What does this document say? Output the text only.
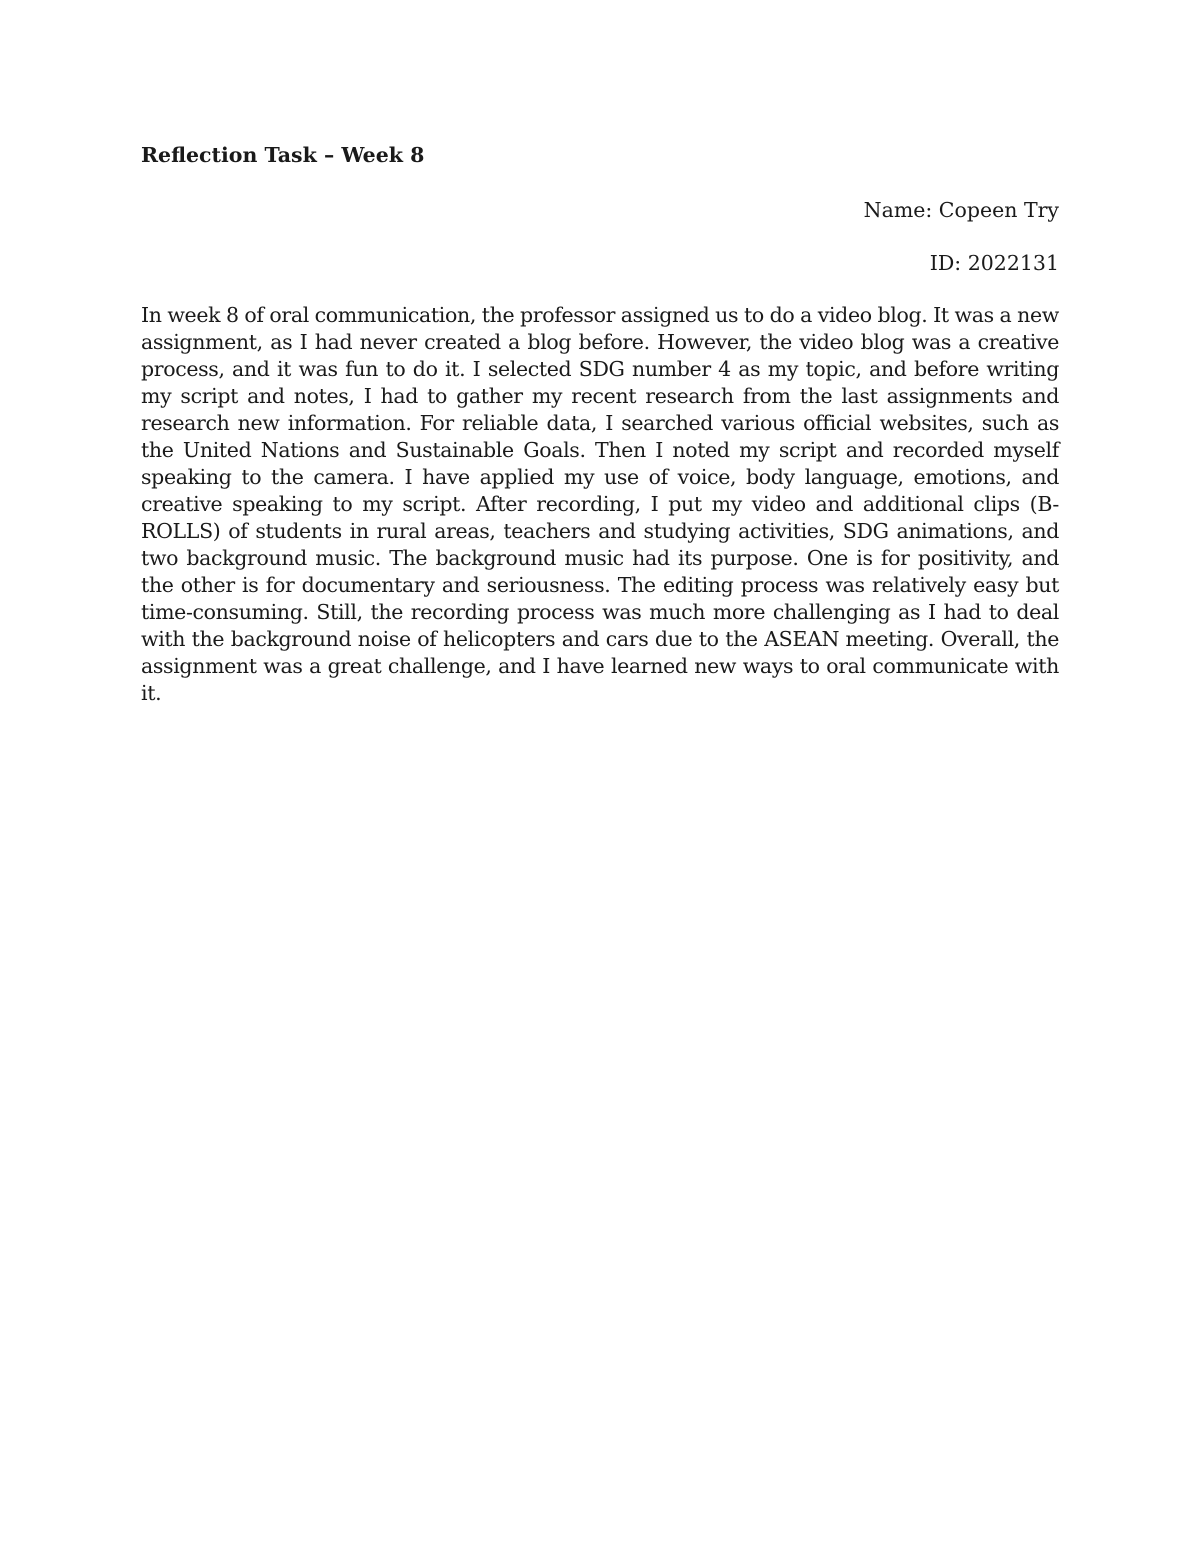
Reflection Task – Week 8
Name: Copeen Try
ID: 2022131

In week 8 of oral communication, the professor assigned us to do a video blog. It was a new assignment, as I had never created a blog before. However, the video blog was a creative process, and it was fun to do it. I selected SDG number 4 as my topic, and before writing my script and notes, I had to gather my recent research from the last assignments and research new information. For reliable data, I searched various official websites, such as the United Nations and Sustainable Goals. Then I noted my script and recorded myself speaking to the camera. I have applied my use of voice, body language, emotions, and creative speaking to my script. After recording, I put my video and additional clips (B-ROLLS) of students in rural areas, teachers and studying activities, SDG animations, and two background music. The background music had its purpose. One is for positivity, and the other is for documentary and seriousness. The editing process was relatively easy but time-consuming. Still, the recording process was much more challenging as I had to deal with the background noise of helicopters and cars due to the ASEAN meeting. Overall, the assignment was a great challenge, and I have learned new ways to oral communicate with it.
